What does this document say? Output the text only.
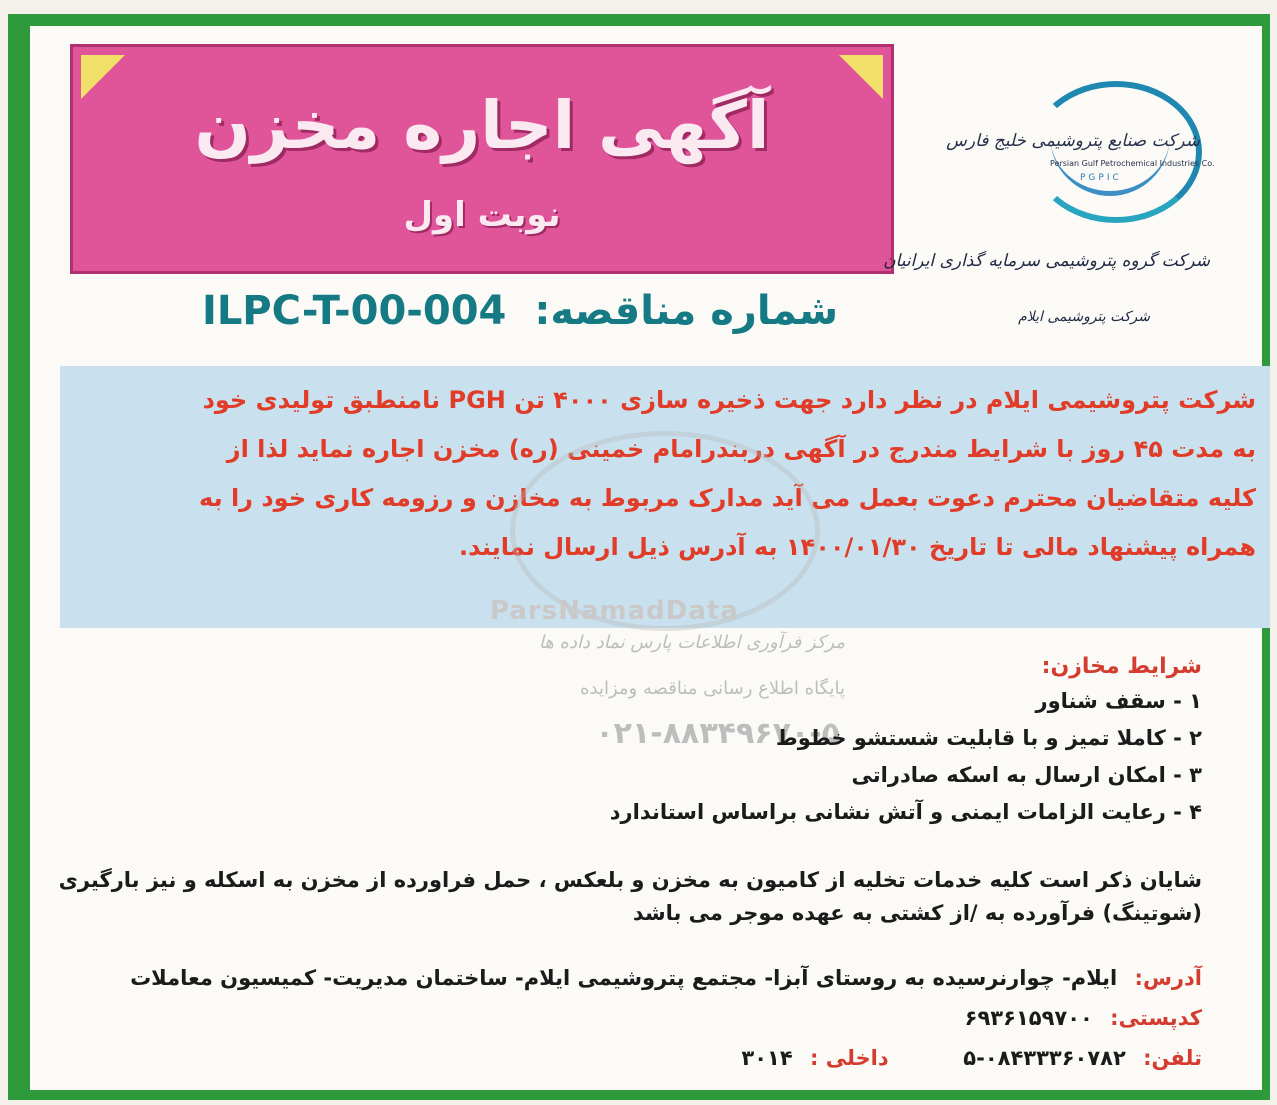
آگهی اجاره مخزن
نوبت اول
شرکت صنایع پتروشیمی خلیج فارس
Persian Gulf Petrochemical Industries Co.
PGPIC
شرکت گروه پتروشیمی سرمایه گذاری ایرانیان
شرکت پتروشیمی ایلام
ILPC-T-00-004 شماره مناقصه:

شرکت پتروشیمی ایلام در نظر دارد جهت ذخیره سازی ۴۰۰۰ تن PGH نامنطبق تولیدی خود

به مدت ۴۵ روز با شرایط مندرج در آگهی دربندرامام خمینی (ره) مخزن اجاره نماید لذا از

کلیه متقاضیان محترم دعوت بعمل می آید مدارک مربوط به مخازن و رزومه کاری خود را به

همراه پیشنهاد مالی تا تاریخ ۱۴۰۰/۰۱/۳۰ به آدرس ذیل ارسال نمایند.

ParsNamadData
مرکز فرآوری اطلاعات پارس نماد داده ها
پایگاه اطلاع رسانی مناقصه ومزایده
۰۲۱-۸۸۳۴۹۶۷۰-۵
شرایط مخازن:
۱ - سقف شناور
۲ - کاملا تمیز و با قابلیت شستشو خطوط
۳ - امکان ارسال به اسکه صادراتی
۴ - رعایت الزامات ایمنی و آتش نشانی براساس استاندارد

شایان ذکر است کلیه خدمات تخلیه از کامیون به مخزن و بلعکس ، حمل فراورده از مخزن به اسکله و نیز بارگیری

(شوتینگ) فرآورده به /از کشتی به عهده موجر می باشد

آدرس: ایلام- چوارنرسیده به روستای آبزا- مجتمع پتروشیمی ایلام- ساختمان مدیریت- کمیسیون معاملات
کدپستی: ۶۹۳۶۱۵۹۷۰۰
تلفن: ۰۸۴۳۳۳۶۰۷۸۲-۵  داخلی : ۳۰۱۴
